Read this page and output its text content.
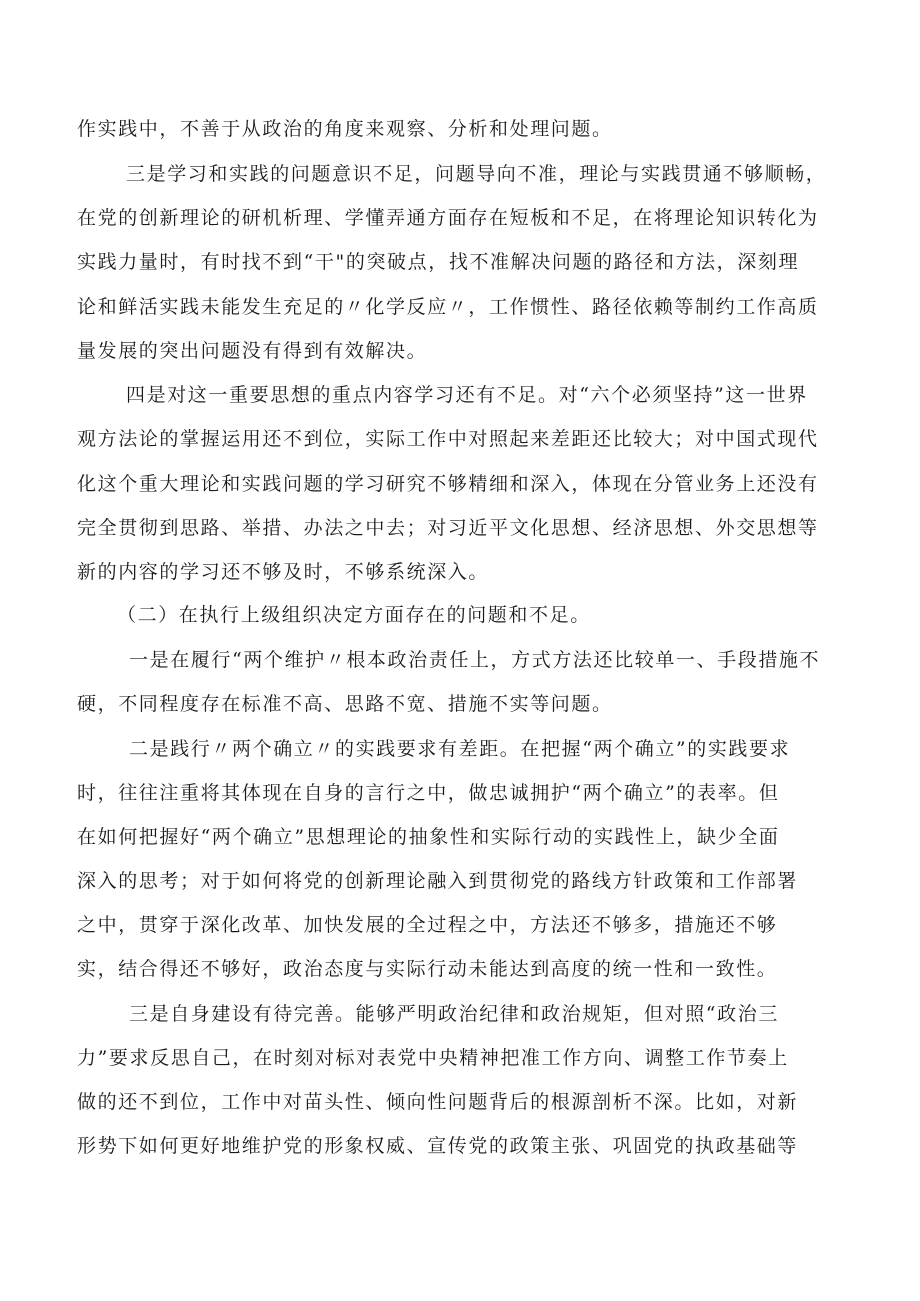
作实践中，不善于从政治的角度来观察、分析和处理问题。
三是学习和实践的问题意识不足，问题导向不准，理论与实践贯通不够顺畅，
在党的创新理论的研机析理、学懂弄通方面存在短板和不足，在将理论知识转化为
实践力量时，有时找不到“干"的突破点，找不准解决问题的路径和方法，深刻理
论和鲜活实践未能发生充足的〃化学反应〃，工作惯性、路径依赖等制约工作高质
量发展的突出问题没有得到有效解决。
四是对这一重要思想的重点内容学习还有不足。对“六个必须坚持”这一世界
观方法论的掌握运用还不到位，实际工作中对照起来差距还比较大；对中国式现代
化这个重大理论和实践问题的学习研究不够精细和深入，体现在分管业务上还没有
完全贯彻到思路、举措、办法之中去；对习近平文化思想、经济思想、外交思想等
新的内容的学习还不够及时，不够系统深入。
（二）在执行上级组织决定方面存在的问题和不足。
一是在履行“两个维护〃根本政治责任上，方式方法还比较单一、手段措施不
硬，不同程度存在标准不高、思路不宽、措施不实等问题。
二是践行〃两个确立〃的实践要求有差距。在把握“两个确立”的实践要求
时，往往注重将其体现在自身的言行之中，做忠诚拥护“两个确立”的表率。但
在如何把握好“两个确立”思想理论的抽象性和实际行动的实践性上，缺少全面
深入的思考；对于如何将党的创新理论融入到贯彻党的路线方针政策和工作部署
之中，贯穿于深化改革、加快发展的全过程之中，方法还不够多，措施还不够
实，结合得还不够好，政治态度与实际行动未能达到高度的统一性和一致性。
三是自身建设有待完善。能够严明政治纪律和政治规矩，但对照“政治三
力”要求反思自己，在时刻对标对表党中央精神把准工作方向、调整工作节奏上
做的还不到位，工作中对苗头性、倾向性问题背后的根源剖析不深。比如，对新
形势下如何更好地维护党的形象权威、宣传党的政策主张、巩固党的执政基础等
